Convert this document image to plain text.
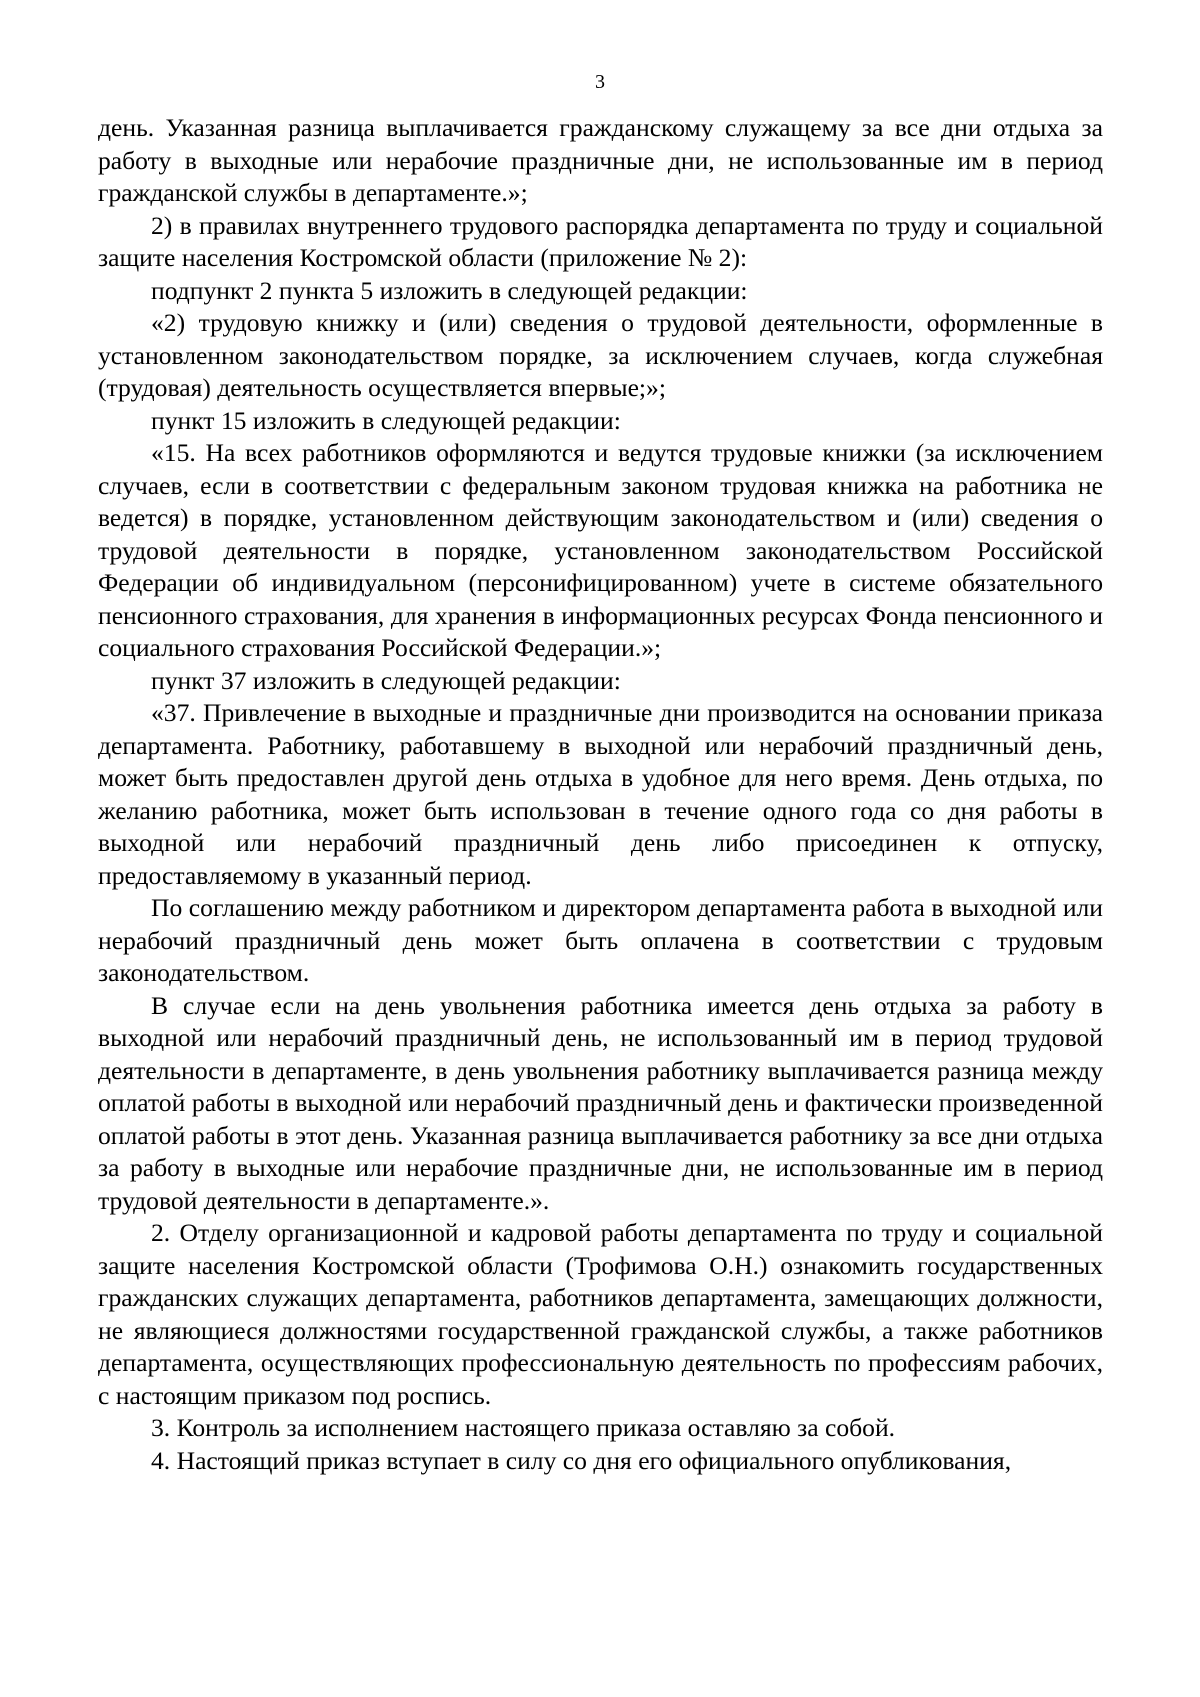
3

день. Указанная разница выплачивается гражданскому служащему за все дни отдыха за работу в выходные или нерабочие праздничные дни, не использованные им в период гражданской службы в департаменте.»;

2) в правилах внутреннего трудового распорядка департамента по труду и социальной защите населения Костромской области (приложение № 2):

подпункт 2 пункта 5 изложить в следующей редакции:

«2) трудовую книжку и (или) сведения о трудовой деятельности, оформленные в установленном законодательством порядке, за исключением случаев, когда служебная (трудовая) деятельность осуществляется впервые;»;

пункт 15 изложить в следующей редакции:

«15. На всех работников оформляются и ведутся трудовые книжки (за исключением случаев, если в соответствии с федеральным законом трудовая книжка на работника не ведется) в порядке, установленном действующим законодательством и (или) сведения о трудовой деятельности в порядке, установленном законодательством Российской Федерации об индивидуальном (персонифицированном) учете в системе обязательного пенсионного страхования, для хранения в информационных ресурсах Фонда пенсионного и социального страхования Российской Федерации.»;

пункт 37 изложить в следующей редакции:

«37. Привлечение в выходные и праздничные дни производится на основании приказа департамента. Работнику, работавшему в выходной или нерабочий праздничный день, может быть предоставлен другой день отдыха в удобное для него время. День отдыха, по желанию работника, может быть использован в течение одного года со дня работы в выходной или нерабочий праздничный день либо присоединен к отпуску, предоставляемому в указанный период.

По соглашению между работником и директором департамента работа в выходной или нерабочий праздничный день может быть оплачена в соответствии с трудовым законодательством.

В случае если на день увольнения работника имеется день отдыха за работу в выходной или нерабочий праздничный день, не использованный им в период трудовой деятельности в департаменте, в день увольнения работнику выплачивается разница между оплатой работы в выходной или нерабочий праздничный день и фактически произведенной оплатой работы в этот день. Указанная разница выплачивается работнику за все дни отдыха за работу в выходные или нерабочие праздничные дни, не использованные им в период трудовой деятельности в департаменте.».

2. Отделу организационной и кадровой работы департамента по труду и социальной защите населения Костромской области (Трофимова О.Н.) ознакомить государственных гражданских служащих департамента, работников департамента, замещающих должности, не являющиеся должностями государственной гражданской службы, а также работников департамента, осуществляющих профессиональную деятельность по профессиям рабочих, с настоящим приказом под роспись.

3. Контроль за исполнением настоящего приказа оставляю за собой.

4. Настоящий приказ вступает в силу со дня его официального опубликования,
